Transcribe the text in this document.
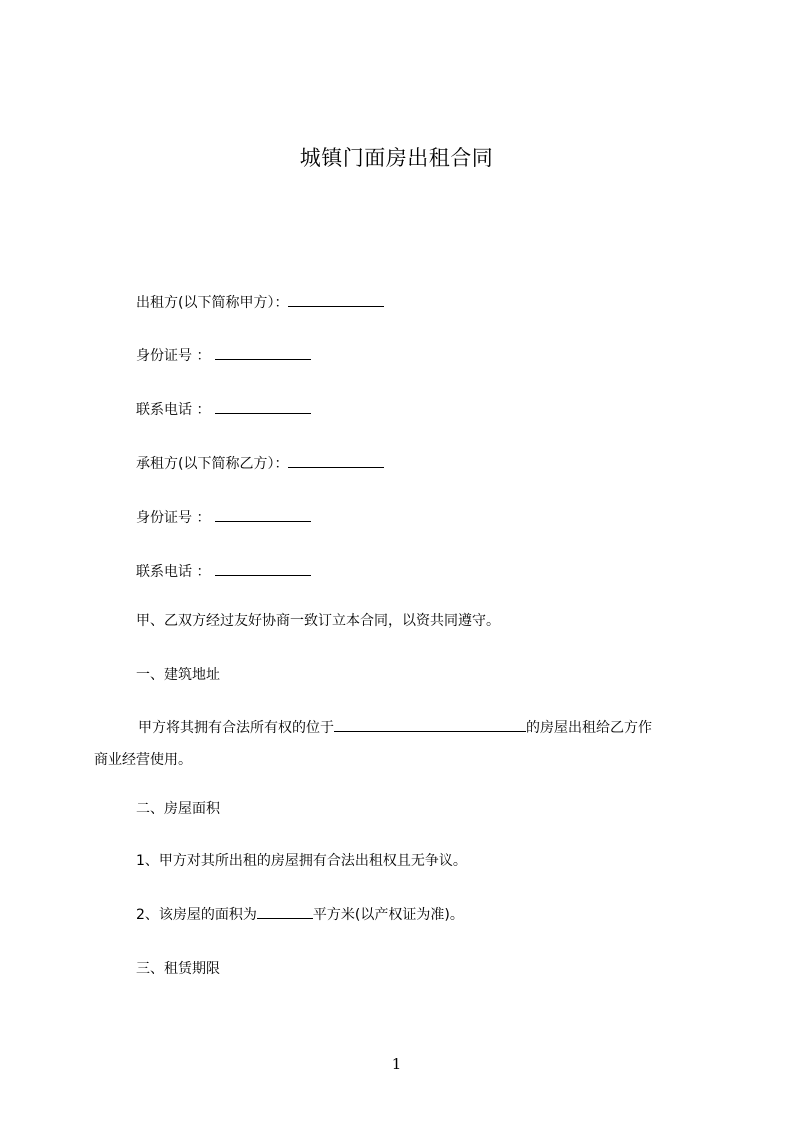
城镇门面房出租合同
出租方(以下简称甲方）：
身份证号 ：
联系电话 ：
承租方(以下简称乙方）：
身份证号 ：
联系电话 ：
甲、乙双方经过友好协商一致订立本合同，以资共同遵守。
一、建筑地址
甲方将其拥有合法所有权的位于	的房屋出租给乙方作
商业经营使用。
二、房屋面积
1、甲方对其所出租的房屋拥有合法出租权且无争议。
2、该房屋的面积为	平方米(以产权证为准)。
三、租赁期限
1
